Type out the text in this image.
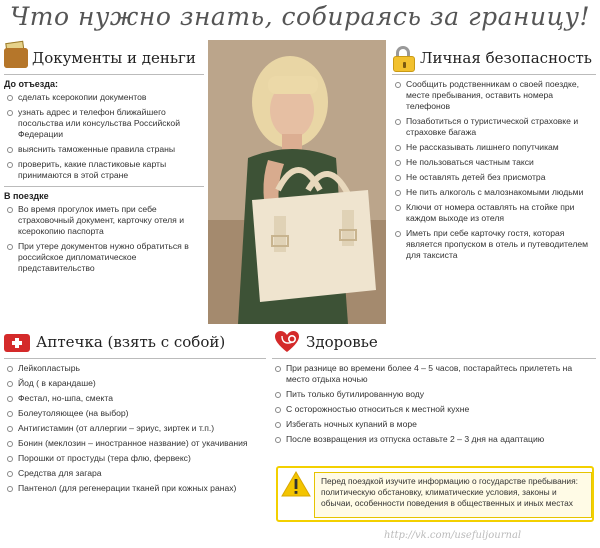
Что нужно знать, собираясь за границу!
Документы и деньги
До отъезда:
сделать ксерокопии документов
узнать адрес и телефон ближайшего посольства или консульства Российской Федерации
выяснить таможенные правила страны
проверить, какие пластиковые карты принимаются в этой стране
В поездке
Во время прогулок иметь при себе страховочный документ, карточку отеля и ксерокопию паспорта
При утере документов нужно обратиться в российское дипломатическое представительство
Личная безопасность
Сообщить родственникам о своей поездке, месте пребывания, оставить номера телефонов
Позаботиться о туристической страховке и страховке багажа
Не рассказывать лишнего попутчикам
Не пользоваться частным такси
Не оставлять детей без присмотра
Не пить алкоголь с малознакомыми людьми
Ключи от номера оставлять на стойке при каждом выходе из отеля
Иметь при себе карточку гостя, которая является пропуском в отель и путеводителем для таксиста
Аптечка (взять с собой)
Лейкопластырь
Йод ( в карандаше)
Фестал, но-шпа, смекта
Болеутоляющее (на выбор)
Антигистамин (от аллергии – эриус, зиртек и т.п.)
Бонин (меклозин – иностранное название) от укачивания
Порошки от простуды (тера флю, фервекс)
Средства для загара
Пантенол (для регенерации тканей при кожных ранах)
Здоровье
При разнице во времени более 4 – 5 часов, постарайтесь прилететь на место отдыха ночью
Пить только бутилированную воду
С осторожностью относиться к местной кухне
Избегать ночных купаний в море
После возвращения из отпуска оставьте 2 – 3 дня на адаптацию
Перед поездкой изучите информацию о государстве пребывания: политическую обстановку, климатические условия, законы и обычаи, особенности поведения в общественных и иных местах
http://vk.com/usefuljournal
